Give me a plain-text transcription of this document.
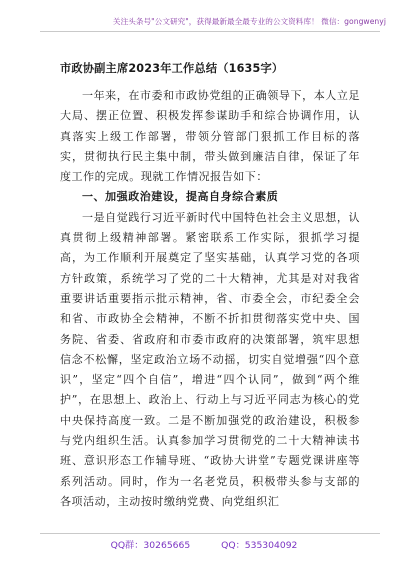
关注头条号"公文研究"，获得最新最全最专业的公文资料库！ 微信：gongwenyj
市政协副主席2023年工作总结（1635字）

一年来，在市委和市政协党组的正确领导下，本人立足大局、摆正位置、积极发挥参谋助手和综合协调作用，认真落实上级工作部署，带领分管部门狠抓工作目标的落实，贯彻执行民主集中制，带头做到廉洁自律，保证了年度工作的完成。现就工作情况报告如下：

一、加强政治建设，提高自身综合素质

一是自觉践行习近平新时代中国特色社会主义思想，认真贯彻上级精神部署。紧密联系工作实际，狠抓学习提高，为工作顺利开展奠定了坚实基础，认真学习党的各项方针政策，系统学习了党的二十大精神，尤其是对对我省重要讲话重要指示批示精神，省、市委全会，市纪委全会和省、市政协全会精神，不断不折扣贯彻落实党中央、国务院、省委、省政府和市委市政府的决策部署，筑牢思想信念不松懈，坚定政治立场不动摇，切实自觉增强“四个意识”，坚定“四个自信”，增进“四个认同”，做到“两个维护”，在思想上、政治上、行动上与习近平同志为核心的党中央保持高度一致。二是不断加强党的政治建设，积极参与党内组织生活。认真参加学习贯彻党的二十大精神读书班、意识形态工作辅导班、“政协大讲堂”专题党课讲座等系列活动。同时，作为一名老党员，积极带头参与支部的各项活动，主动按时缴纳党费、向党组织汇

QQ群：30265665	QQ：535304092
